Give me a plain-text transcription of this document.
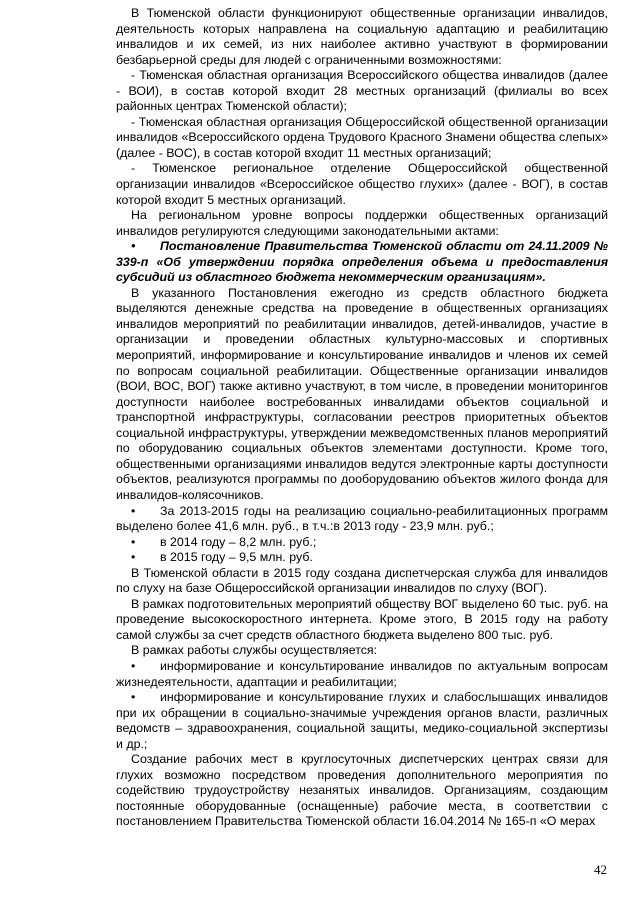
В Тюменской области функционируют общественные организации инвалидов, деятельность которых направлена на социальную адаптацию и реабилитацию инвалидов и их семей, из них наиболее активно участвуют в формировании безбарьерной среды для людей с ограниченными возможностями:

- Тюменская областная организация Всероссийского общества инвалидов (далее - ВОИ), в состав которой входит 28 местных организаций (филиалы во всех районных центрах Тюменской области);

- Тюменская областная организация Общероссийской общественной организации инвалидов «Всероссийского ордена Трудового Красного Знамени общества слепых» (далее - ВОС), в состав которой входит 11 местных организаций;

- Тюменское региональное отделение Общероссийской общественной организации инвалидов «Всероссийское общество глухих» (далее - ВОГ), в состав которой входит 5 местных организаций.

На региональном уровне вопросы поддержки общественных организаций инвалидов регулируются следующими законодательными актами:

• Постановление Правительства Тюменской области от 24.11.2009 № 339-п «Об утверждении порядка определения объема и предоставления субсидий из областного бюджета некоммерческим организациям».

В указанного Постановления ежегодно из средств областного бюджета выделяются денежные средства на проведение в общественных организациях инвалидов мероприятий по реабилитации инвалидов, детей-инвалидов, участие в организации и проведении областных культурно-массовых и спортивных мероприятий, информирование и консультирование инвалидов и членов их семей по вопросам социальной реабилитации. Общественные организации инвалидов (ВОИ, ВОС, ВОГ) также активно участвуют, в том числе, в проведении мониторингов доступности наиболее востребованных инвалидами объектов социальной и транспортной инфраструктуры, согласовании реестров приоритетных объектов социальной инфраструктуры, утверждении межведомственных планов мероприятий по оборудованию социальных объектов элементами доступности. Кроме того, общественными организациями инвалидов ведутся электронные карты доступности объектов, реализуются программы по дооборудованию объектов жилого фонда для инвалидов-колясочников.

• За 2013-2015 годы на реализацию социально-реабилитационных программ выделено более 41,6 млн. руб., в т.ч.:в 2013 году - 23,9 млн. руб.;

• в 2014 году – 8,2 млн. руб.;

• в 2015 году – 9,5 млн. руб.

В Тюменской области в 2015 году создана диспетчерская служба для инвалидов по слуху на базе Общероссийской организации инвалидов по слуху (ВОГ).

В рамках подготовительных мероприятий обществу ВОГ выделено 60 тыс. руб. на проведение высокоскоростного интернета. Кроме этого, В 2015 году на работу самой службы за счет средств областного бюджета выделено 800 тыс. руб.

В рамках работы службы осуществляется:

• информирование и консультирование инвалидов по актуальным вопросам жизнедеятельности, адаптации и реабилитации;

• информирование и консультирование глухих и слабослышащих инвалидов при их обращении в социально-значимые учреждения органов власти, различных ведомств – здравоохранения, социальной защиты, медико-социальной экспертизы и др.;

Создание рабочих мест в круглосуточных диспетчерских центрах связи для глухих возможно посредством проведения дополнительного мероприятия по содействию трудоустройству незанятых инвалидов. Организациям, создающим постоянные оборудованные (оснащенные) рабочие места, в соответствии с постановлением Правительства Тюменской области 16.04.2014 № 165-п «О мерах

42
